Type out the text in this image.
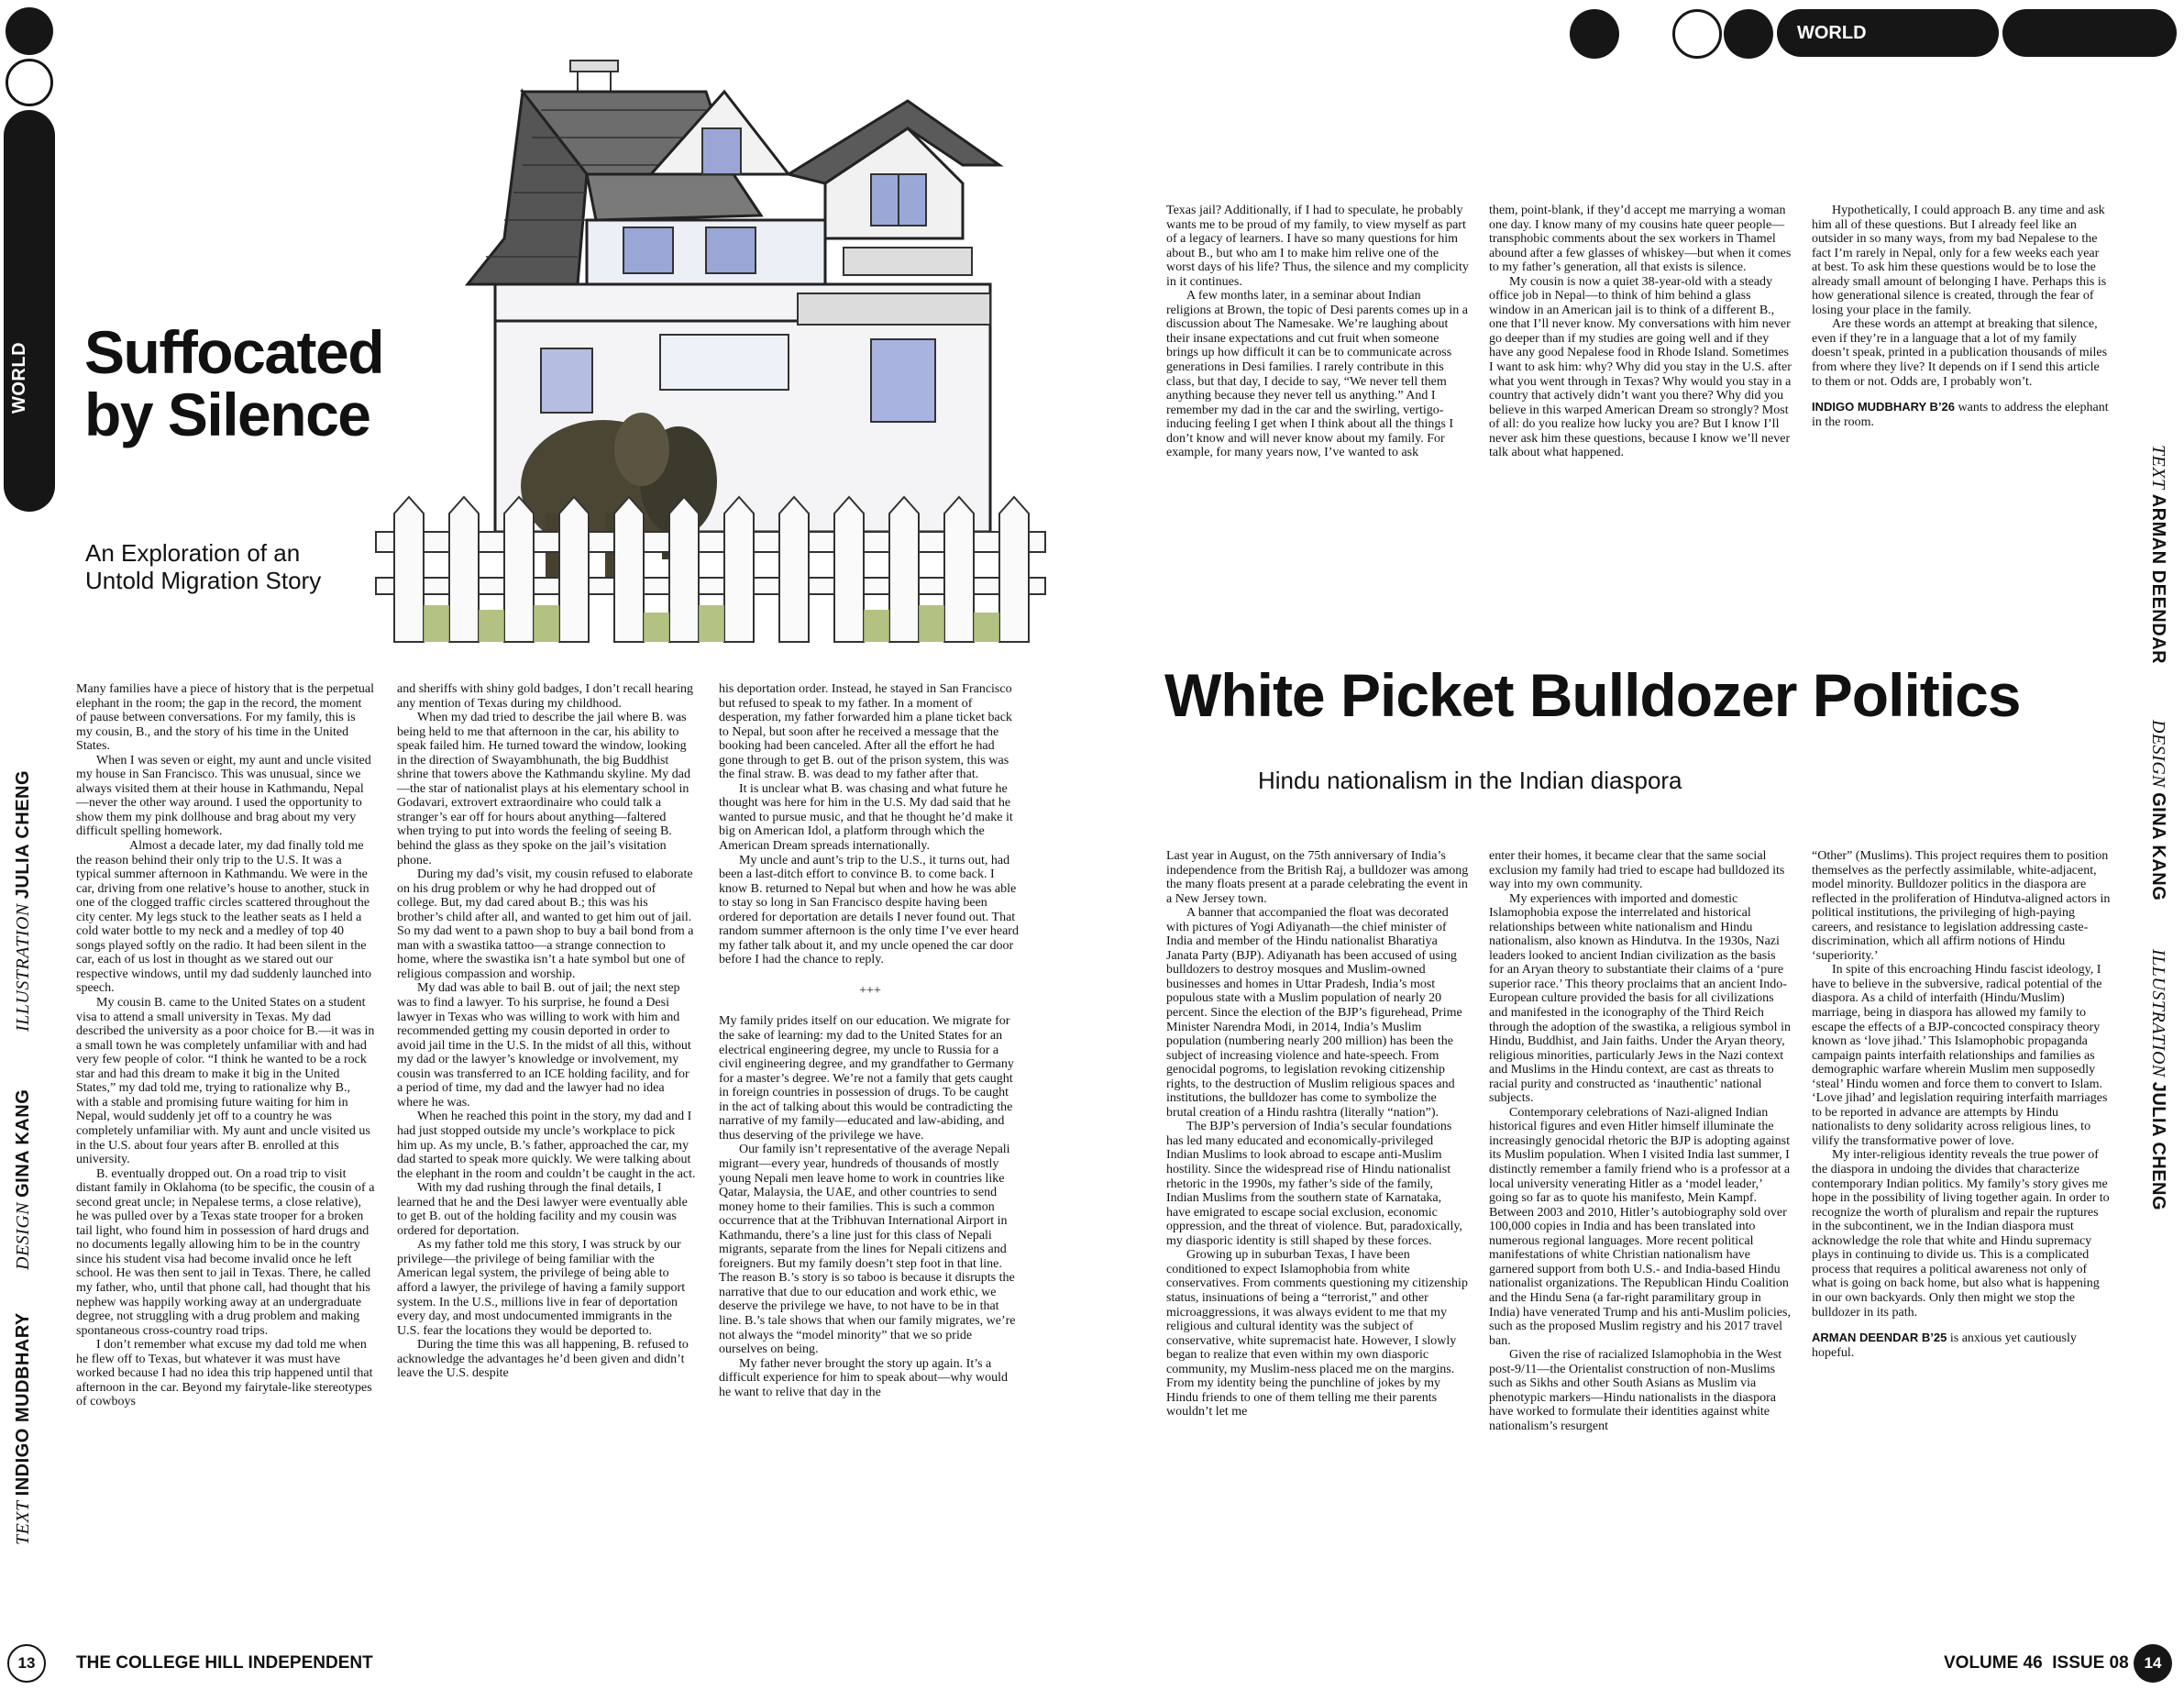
WORLD Suffocated
by Silence
An Exploration of an
Untold Migration Story
TEXT INDIGO MUDBHARY
DESIGN GINA KANG
ILLUSTRATION JULIA CHENG

Many families have a piece of history that is the perpetual elephant in the room; the gap in the record, the moment of pause between conversations. For my family, this is my cousin, B., and the story of his time in the United States.

When I was seven or eight, my aunt and uncle visited my house in San Francisco. This was unusual, since we always visited them at their house in Kathmandu, Nepal—never the other way around. I used the opportunity to show them my pink dollhouse and brag about my very difficult spelling homework.

Almost a decade later, my dad finally told me the reason behind their only trip to the U.S. It was a typical summer afternoon in Kathmandu. We were in the car, driving from one relative’s house to another, stuck in one of the clogged traffic circles scattered throughout the city center. My legs stuck to the leather seats as I held a cold water bottle to my neck and a medley of top 40 songs played softly on the radio. It had been silent in the car, each of us lost in thought as we stared out our respective windows, until my dad suddenly launched into speech.

My cousin B. came to the United States on a student visa to attend a small university in Texas. My dad described the university as a poor choice for B.—it was in a small town he was completely unfamiliar with and had very few people of color. “I think he wanted to be a rock star and had this dream to make it big in the United States,” my dad told me, trying to rationalize why B., with a stable and promising future waiting for him in Nepal, would suddenly jet off to a country he was completely unfamiliar with. My aunt and uncle visited us in the U.S. about four years after B. enrolled at this university.

B. eventually dropped out. On a road trip to visit distant family in Oklahoma (to be specific, the cousin of a second great uncle; in Nepalese terms, a close relative), he was pulled over by a Texas state trooper for a broken tail light, who found him in possession of hard drugs and no documents legally allowing him to be in the country since his student visa had become invalid once he left school. He was then sent to jail in Texas. There, he called my father, who, until that phone call, had thought that his nephew was happily working away at an undergraduate degree, not struggling with a drug problem and making spontaneous cross-country road trips.

I don’t remember what excuse my dad told me when he flew off to Texas, but whatever it was must have worked because I had no idea this trip happened until that afternoon in the car. Beyond my fairytale-like stereotypes of cowboys

and sheriffs with shiny gold badges, I don’t recall hearing any mention of Texas during my childhood.

When my dad tried to describe the jail where B. was being held to me that afternoon in the car, his ability to speak failed him. He turned toward the window, looking in the direction of Swayambhunath, the big Buddhist shrine that towers above the Kathmandu skyline. My dad—the star of nationalist plays at his elementary school in Godavari, extrovert extraordinaire who could talk a stranger’s ear off for hours about anything—faltered when trying to put into words the feeling of seeing B. behind the glass as they spoke on the jail’s visitation phone.

During my dad’s visit, my cousin refused to elaborate on his drug problem or why he had dropped out of college. But, my dad cared about B.; this was his brother’s child after all, and wanted to get him out of jail. So my dad went to a pawn shop to buy a bail bond from a man with a swastika tattoo—a strange connection to home, where the swastika isn’t a hate symbol but one of religious compassion and worship.

My dad was able to bail B. out of jail; the next step was to find a lawyer. To his surprise, he found a Desi lawyer in Texas who was willing to work with him and recommended getting my cousin deported in order to avoid jail time in the U.S. In the midst of all this, without my dad or the lawyer’s knowledge or involvement, my cousin was transferred to an ICE holding facility, and for a period of time, my dad and the lawyer had no idea where he was.

When he reached this point in the story, my dad and I had just stopped outside my uncle’s workplace to pick him up. As my uncle, B.’s father, approached the car, my dad started to speak more quickly. We were talking about the elephant in the room and couldn’t be caught in the act.

With my dad rushing through the final details, I learned that he and the Desi lawyer were eventually able to get B. out of the holding facility and my cousin was ordered for deportation.

As my father told me this story, I was struck by our privilege—the privilege of being familiar with the American legal system, the privilege of being able to afford a lawyer, the privilege of having a family support system. In the U.S., millions live in fear of deportation every day, and most undocumented immigrants in the U.S. fear the locations they would be deported to.

During the time this was all happening, B. refused to acknowledge the advantages he’d been given and didn’t leave the U.S. despite

his deportation order. Instead, he stayed in San Francisco but refused to speak to my father. In a moment of desperation, my father forwarded him a plane ticket back to Nepal, but soon after he received a message that the booking had been canceled. After all the effort he had gone through to get B. out of the prison system, this was the final straw. B. was dead to my father after that.

It is unclear what B. was chasing and what future he thought was here for him in the U.S. My dad said that he wanted to pursue music, and that he thought he’d make it big on American Idol, a platform through which the American Dream spreads internationally.

My uncle and aunt’s trip to the U.S., it turns out, had been a last-ditch effort to convince B. to come back. I know B. returned to Nepal but when and how he was able to stay so long in San Francisco despite having been ordered for deportation are details I never found out. That random summer afternoon is the only time I’ve ever heard my father talk about it, and my uncle opened the car door before I had the chance to reply.

+++

My family prides itself on our education. We migrate for the sake of learning: my dad to the United States for an electrical engineering degree, my uncle to Russia for a civil engineering degree, and my grandfather to Germany for a master’s degree. We’re not a family that gets caught in foreign countries in possession of drugs. To be caught in the act of talking about this would be contradicting the narrative of my family—educated and law-abiding, and thus deserving of the privilege we have.

Our family isn’t representative of the average Nepali migrant—every year, hundreds of thousands of mostly young Nepali men leave home to work in countries like Qatar, Malaysia, the UAE, and other countries to send money home to their families. This is such a common occurrence that at the Tribhuvan International Airport in Kathmandu, there’s a line just for this class of Nepali migrants, separate from the lines for Nepali citizens and foreigners. But my family doesn’t step foot in that line. The reason B.’s story is so taboo is because it disrupts the narrative that due to our education and work ethic, we deserve the privilege we have, to not have to be in that line. B.’s tale shows that when our family migrates, we’re not always the “model minority” that we so pride ourselves on being.

My father never brought the story up again. It’s a difficult experience for him to speak about—why would he want to relive that day in the

13	THE COLLEGE HILL INDEPENDENT
WORLD

Texas jail? Additionally, if I had to speculate, he probably wants me to be proud of my family, to view myself as part of a legacy of learners. I have so many questions for him about B., but who am I to make him relive one of the worst days of his life? Thus, the silence and my complicity in it continues.

A few months later, in a seminar about Indian religions at Brown, the topic of Desi parents comes up in a discussion about The Namesake. We’re laughing about their insane expectations and cut fruit when someone brings up how difficult it can be to communicate across generations in Desi families. I rarely contribute in this class, but that day, I decide to say, “We never tell them anything because they never tell us anything.” And I remember my dad in the car and the swirling, vertigo-inducing feeling I get when I think about all the things I don’t know and will never know about my family. For example, for many years now, I’ve wanted to ask

them, point-blank, if they’d accept me marrying a woman one day. I know many of my cousins hate queer people—transphobic comments about the sex workers in Thamel abound after a few glasses of whiskey—but when it comes to my father’s generation, all that exists is silence.

My cousin is now a quiet 38-year-old with a steady office job in Nepal—to think of him behind a glass window in an American jail is to think of a different B., one that I’ll never know. My conversations with him never go deeper than if my studies are going well and if they have any good Nepalese food in Rhode Island. Sometimes I want to ask him: why? Why did you stay in the U.S. after what you went through in Texas? Why would you stay in a country that actively didn’t want you there? Why did you believe in this warped American Dream so strongly? Most of all: do you realize how lucky you are? But I know I’ll never ask him these questions, because I know we’ll never talk about what happened.

Hypothetically, I could approach B. any time and ask him all of these questions. But I already feel like an outsider in so many ways, from my bad Nepalese to the fact I’m rarely in Nepal, only for a few weeks each year at best. To ask him these questions would be to lose the already small amount of belonging I have. Perhaps this is how generational silence is created, through the fear of losing your place in the family.

Are these words an attempt at breaking that silence, even if they’re in a language that a lot of my family doesn’t speak, printed in a publication thousands of miles from where they live? It depends on if I send this article to them or not. Odds are, I probably won’t.

INDIGO MUDBHARY B’26 wants to address the elephant in the room.

White Picket Bulldozer Politics
Hindu nationalism in the Indian diaspora

Last year in August, on the 75th anniversary of India’s independence from the British Raj, a bulldozer was among the many floats present at a parade celebrating the event in a New Jersey town.

A banner that accompanied the float was decorated with pictures of Yogi Adiyanath—the chief minister of India and member of the Hindu nationalist Bharatiya Janata Party (BJP). Adiyanath has been accused of using bulldozers to destroy mosques and Muslim-owned businesses and homes in Uttar Pradesh, India’s most populous state with a Muslim population of nearly 20 percent. Since the election of the BJP’s figurehead, Prime Minister Narendra Modi, in 2014, India’s Muslim population (numbering nearly 200 million) has been the subject of increasing violence and hate-speech. From genocidal pogroms, to legislation revoking citizenship rights, to the destruction of Muslim religious spaces and institutions, the bulldozer has come to symbolize the brutal creation of a Hindu rashtra (literally “nation”).

The BJP’s perversion of India’s secular foundations has led many educated and economically-privileged Indian Muslims to look abroad to escape anti-Muslim hostility. Since the widespread rise of Hindu nationalist rhetoric in the 1990s, my father’s side of the family, Indian Muslims from the southern state of Karnataka, have emigrated to escape social exclusion, economic oppression, and the threat of violence. But, paradoxically, my diasporic identity is still shaped by these forces.

Growing up in suburban Texas, I have been conditioned to expect Islamophobia from white conservatives. From comments questioning my citizenship status, insinuations of being a “terrorist,” and other microaggressions, it was always evident to me that my religious and cultural identity was the subject of conservative, white supremacist hate. However, I slowly began to realize that even within my own diasporic community, my Muslim-ness placed me on the margins. From my identity being the punchline of jokes by my Hindu friends to one of them telling me their parents wouldn’t let me

enter their homes, it became clear that the same social exclusion my family had tried to escape had bulldozed its way into my own community.

My experiences with imported and domestic Islamophobia expose the interrelated and historical relationships between white nationalism and Hindu nationalism, also known as Hindutva. In the 1930s, Nazi leaders looked to ancient Indian civilization as the basis for an Aryan theory to substantiate their claims of a ‘pure superior race.’ This theory proclaims that an ancient Indo-European culture provided the basis for all civilizations and manifested in the iconography of the Third Reich through the adoption of the swastika, a religious symbol in Hindu, Buddhist, and Jain faiths. Under the Aryan theory, religious minorities, particularly Jews in the Nazi context and Muslims in the Hindu context, are cast as threats to racial purity and constructed as ‘inauthentic’ national subjects.

Contemporary celebrations of Nazi-aligned Indian historical figures and even Hitler himself illuminate the increasingly genocidal rhetoric the BJP is adopting against its Muslim population. When I visited India last summer, I distinctly remember a family friend who is a professor at a local university venerating Hitler as a ‘model leader,’ going so far as to quote his manifesto, Mein Kampf. Between 2003 and 2010, Hitler’s autobiography sold over 100,000 copies in India and has been translated into numerous regional languages. More recent political manifestations of white Christian nationalism have garnered support from both U.S.- and India-based Hindu nationalist organizations. The Republican Hindu Coalition and the Hindu Sena (a far-right paramilitary group in India) have venerated Trump and his anti-Muslim policies, such as the proposed Muslim registry and his 2017 travel ban.

Given the rise of racialized Islamophobia in the West post-9/11—the Orientalist construction of non-Muslims such as Sikhs and other South Asians as Muslim via phenotypic markers—Hindu nationalists in the diaspora have worked to formulate their identities against white nationalism’s resurgent

“Other” (Muslims). This project requires them to position themselves as the perfectly assimilable, white-adjacent, model minority. Bulldozer politics in the diaspora are reflected in the proliferation of Hindutva-aligned actors in political institutions, the privileging of high-paying careers, and resistance to legislation addressing caste-discrimination, which all affirm notions of Hindu ‘superiority.’

In spite of this encroaching Hindu fascist ideology, I have to believe in the subversive, radical potential of the diaspora. As a child of interfaith (Hindu/Muslim) marriage, being in diaspora has allowed my family to escape the effects of a BJP-concocted conspiracy theory known as ‘love jihad.’ This Islamophobic propaganda campaign paints interfaith relationships and families as demographic warfare wherein Muslim men supposedly ‘steal’ Hindu women and force them to convert to Islam. ‘Love jihad’ and legislation requiring interfaith marriages to be reported in advance are attempts by Hindu nationalists to deny solidarity across religious lines, to vilify the transformative power of love.

My inter-religious identity reveals the true power of the diaspora in undoing the divides that characterize contemporary Indian politics. My family’s story gives me hope in the possibility of living together again. In order to recognize the worth of pluralism and repair the ruptures in the subcontinent, we in the Indian diaspora must acknowledge the role that white and Hindu supremacy plays in continuing to divide us. This is a complicated process that requires a political awareness not only of what is going on back home, but also what is happening in our own backyards. Only then might we stop the bulldozer in its path.

ARMAN DEENDAR B’25 is anxious yet cautiously hopeful.

TEXT ARMAN DEENDAR
DESIGN GINA KANG
ILLUSTRATION JULIA CHENG
VOLUME 46  ISSUE 08 14
